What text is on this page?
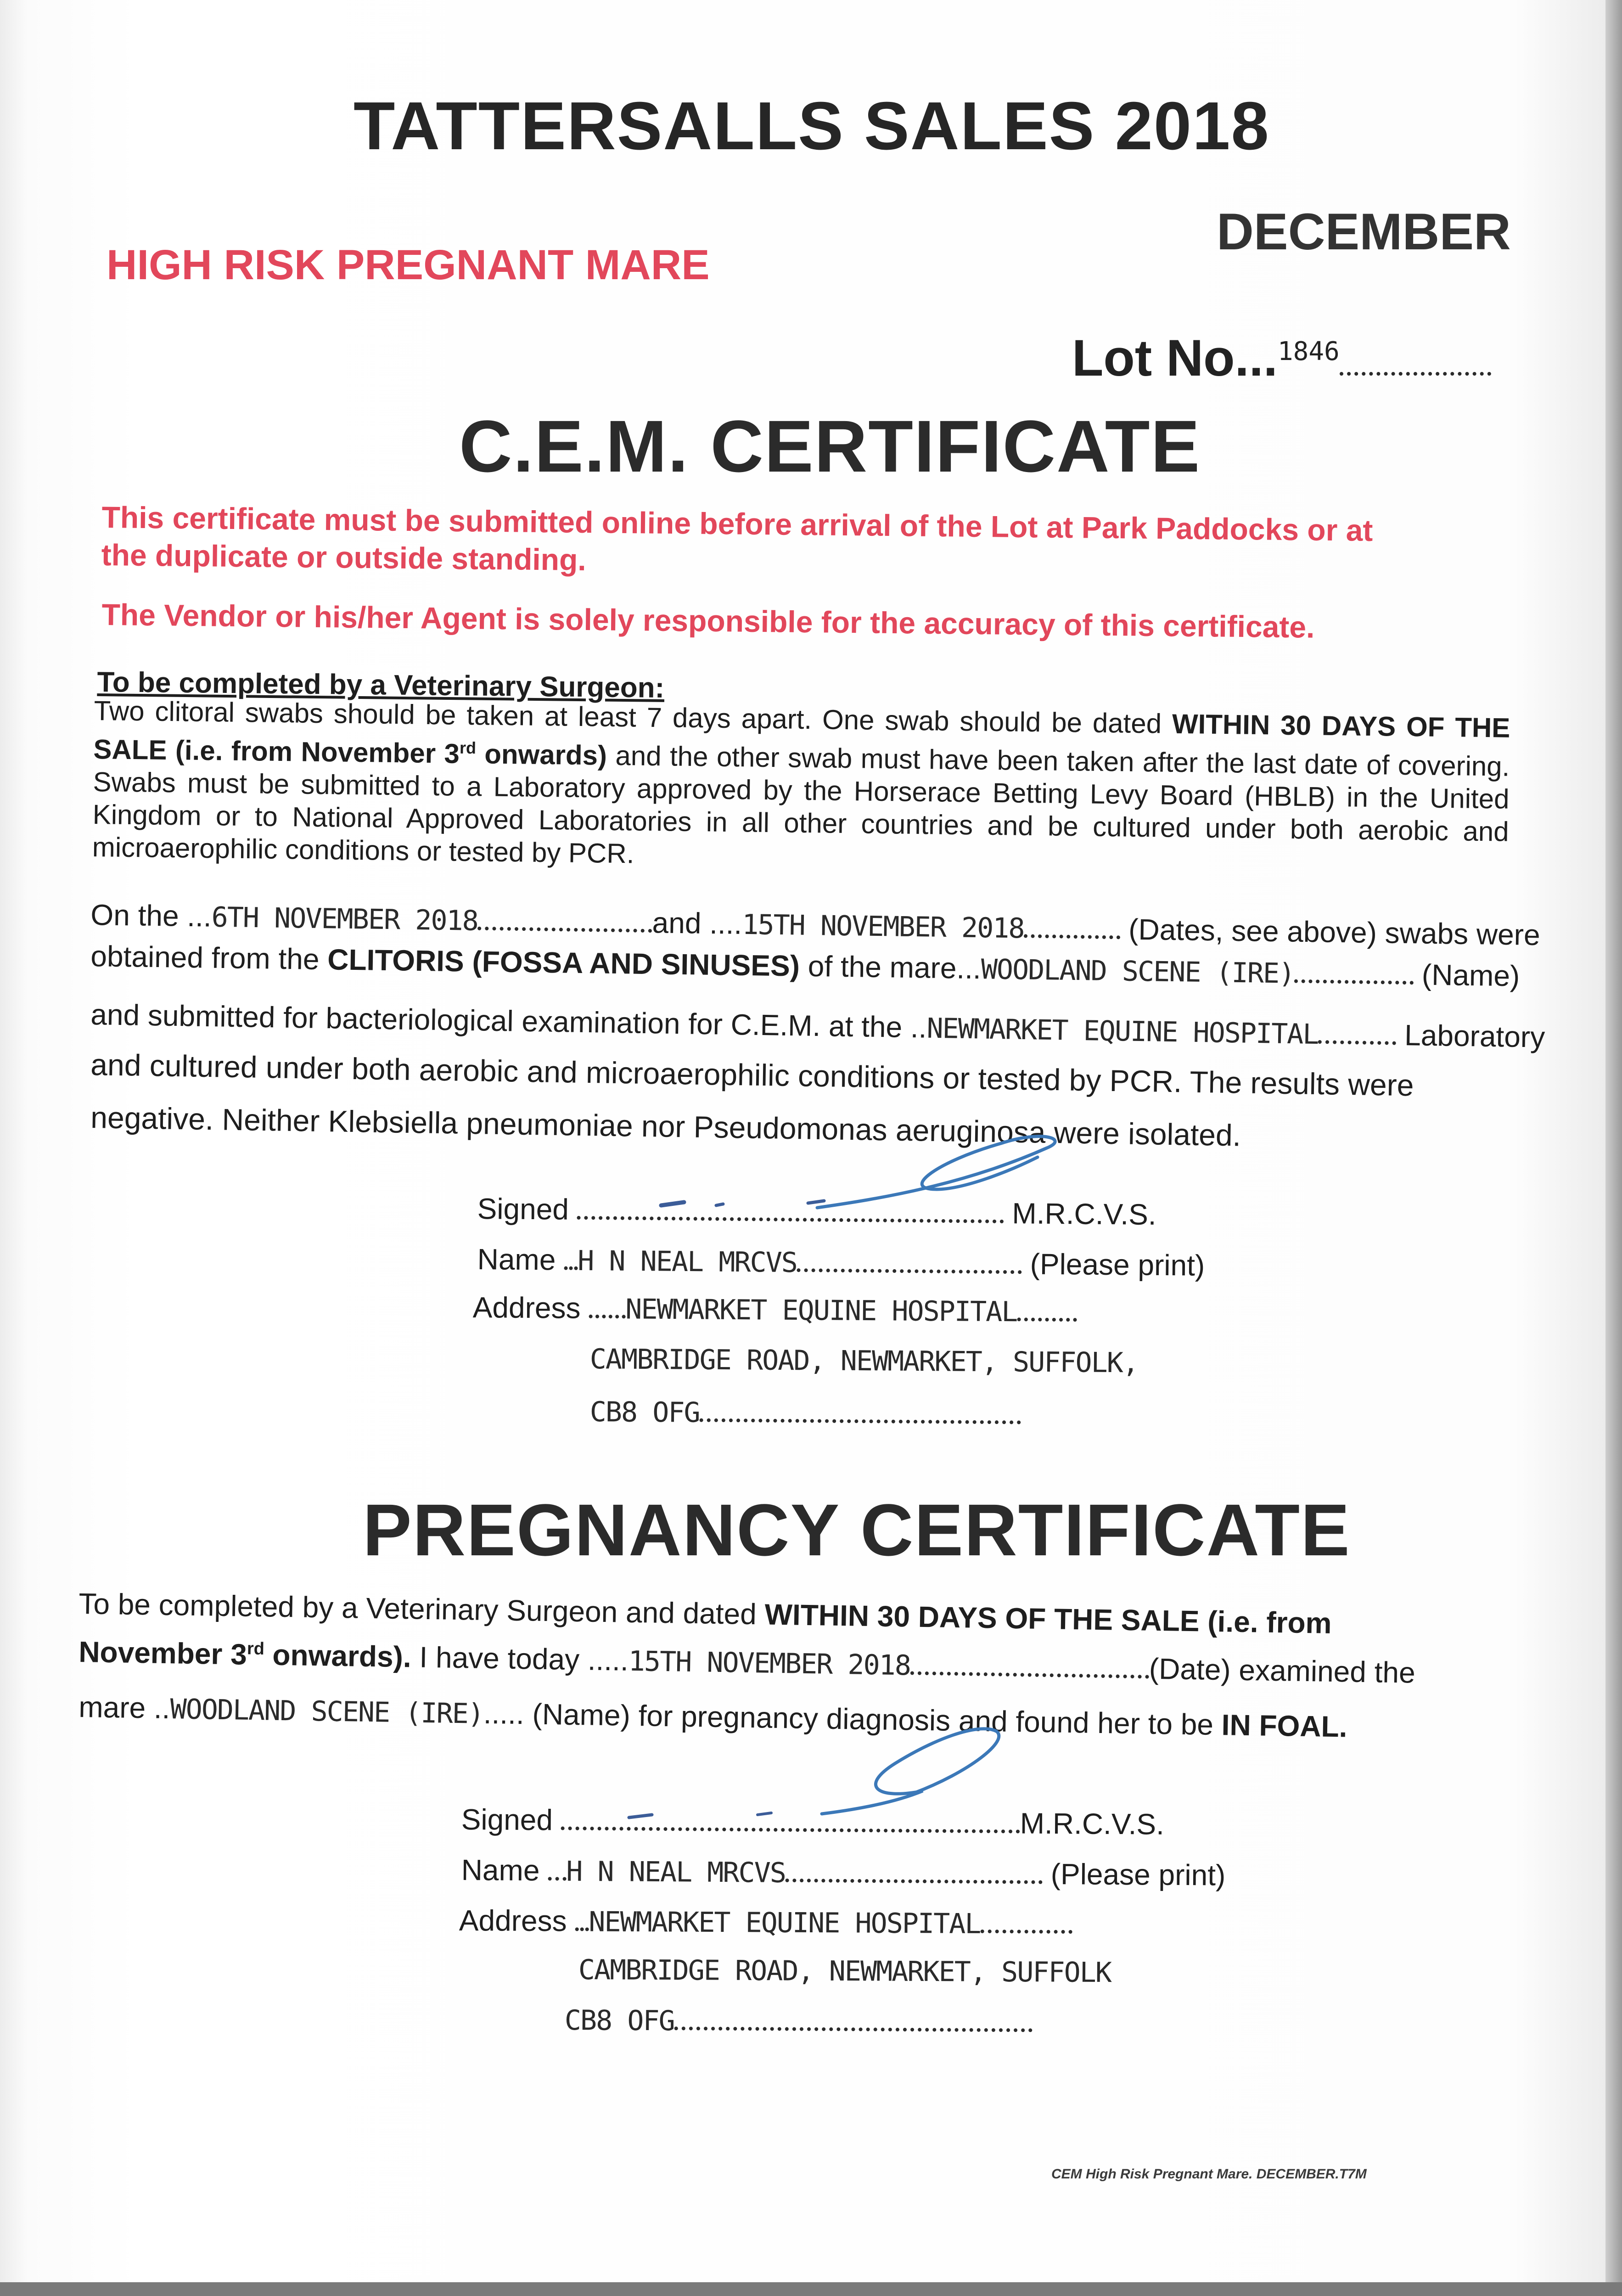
TATTERSALLS SALES 2018
DECEMBER
HIGH RISK PREGNANT MARE
Lot No...$^{1846}$
C.E.M. CERTIFICATE
This certificate must be submitted online before arrival of the Lot at Park Paddocks or at
the duplicate or outside standing.
The Vendor or his/her Agent is solely responsible for the accuracy of this certificate.
To be completed by a Veterinary Surgeon:
Two clitoral swabs should be taken at least 7 days apart. One swab should be dated WITHIN 30 DAYS OF THE SALE (i.e. from November 3rd onwards) and the other swab must have been taken after the last date of covering. Swabs must be submitted to a Laboratory approved by the Horserace Betting Levy Board (HBLB) in the United Kingdom or to National Approved Laboratories in all other countries and be cultured under both aerobic and microaerophilic conditions or tested by PCR.
On the ...6TH NOVEMBER 2018	and ....15TH NOVEMBER 2018	(Dates, see above) swabs were
obtained from the CLITORIS (FOSSA AND SINUSES) of the mare...WOODLAND SCENE (IRE)	(Name)
and submitted for bacteriological examination for C.E.M. at the ..NEWMARKET EQUINE HOSPITAL	Laboratory
and cultured under both aerobic and microaerophilic conditions or tested by PCR. The results were
negative. Neither Klebsiella pneumoniae nor Pseudomonas aeruginosa were isolated.
Signed	M.R.C.V.S.
Name H N NEAL MRCVS	(Please print)
Address NEWMARKET EQUINE HOSPITAL
CAMBRIDGE ROAD, NEWMARKET, SUFFOLK,
CB8 OFG
PREGNANCY CERTIFICATE
To be completed by a Veterinary Surgeon and dated WITHIN 30 DAYS OF THE SALE (i.e. from
November 3rd onwards). I have today .....15TH NOVEMBER 2018	(Date) examined the
mare ..WOODLAND SCENE (IRE)..... (Name) for pregnancy diagnosis and found her to be IN FOAL.
Signed	M.R.C.V.S.
Name H N NEAL MRCVS	(Please print)
Address NEWMARKET EQUINE HOSPITAL
CAMBRIDGE ROAD, NEWMARKET, SUFFOLK
CB8 OFG
CEM High Risk Pregnant Mare. DECEMBER.T7M
